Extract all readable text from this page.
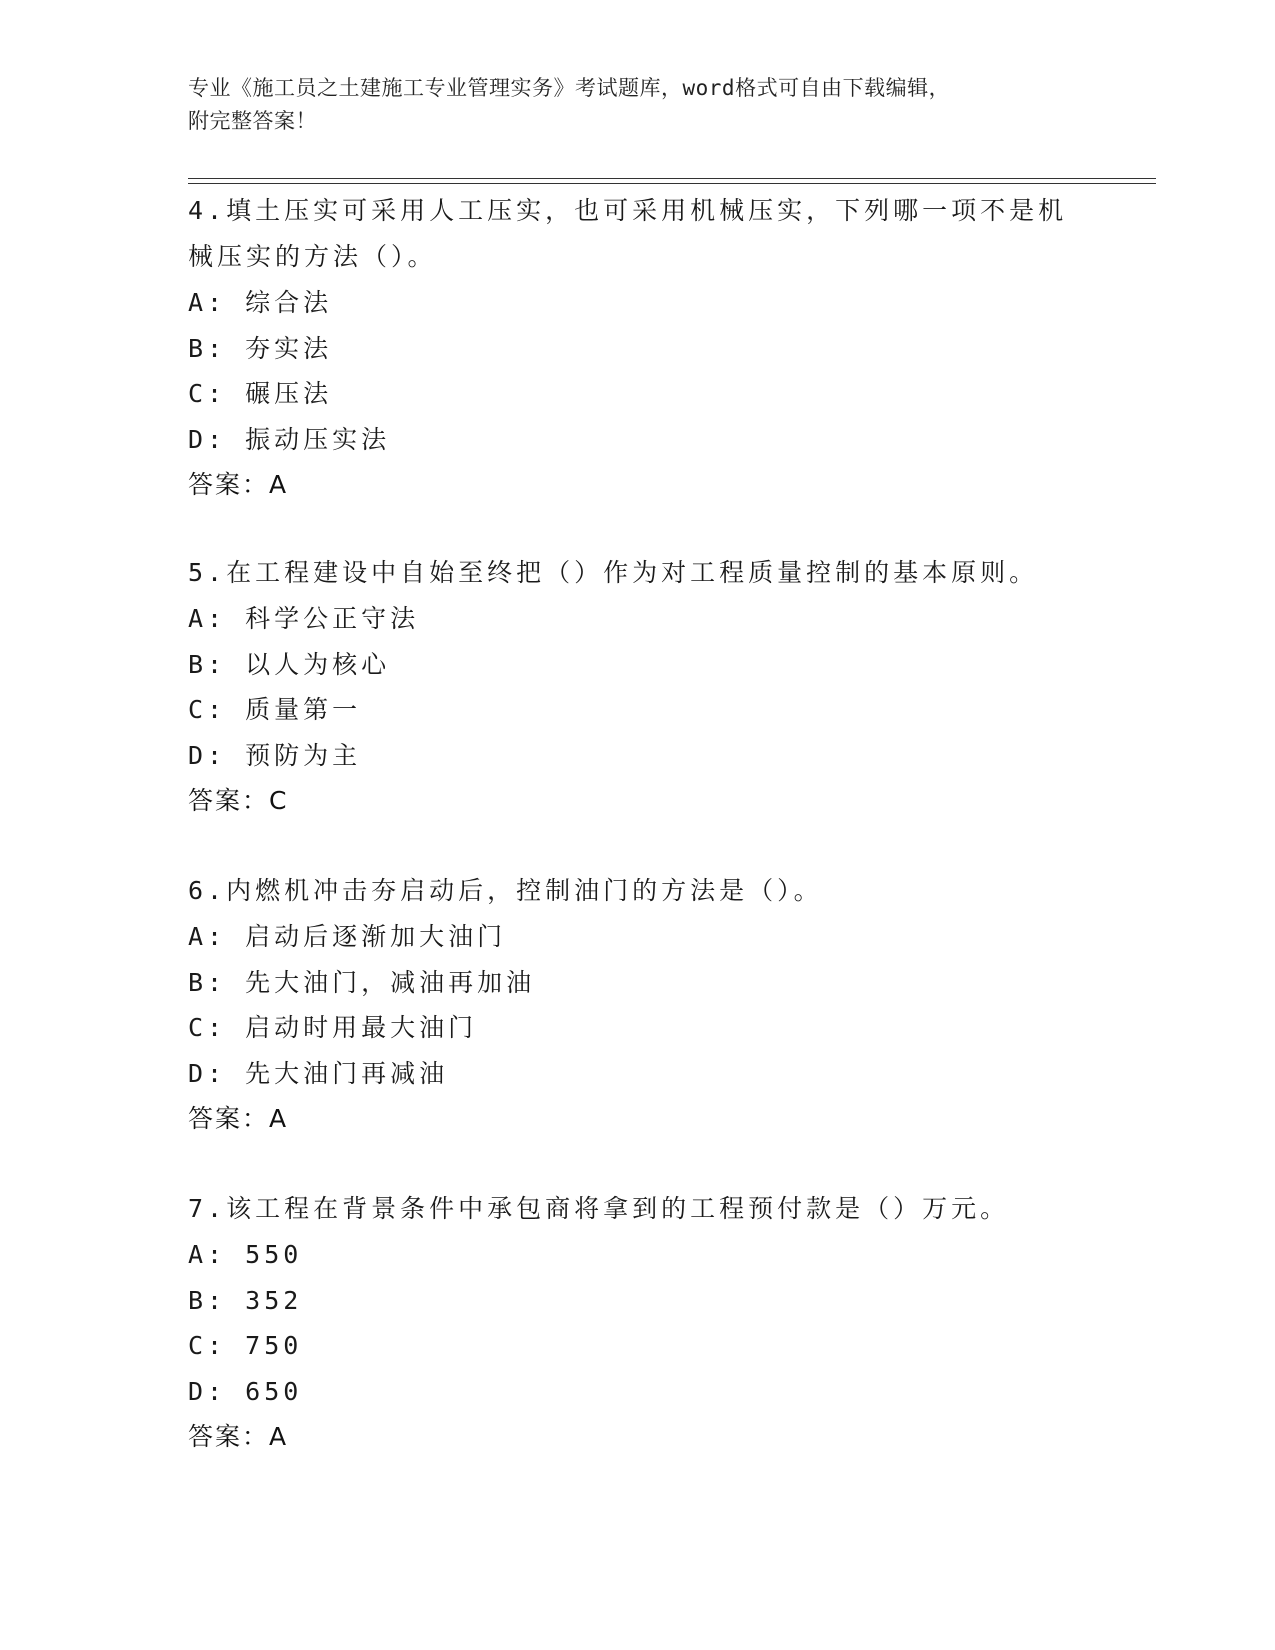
专业《施工员之土建施工专业管理实务》考试题库，word格式可自由下载编辑，
附完整答案！
4.填土压实可采用人工压实，也可采用机械压实，下列哪一项不是机
械压实的方法（）。
A: 综合法
B: 夯实法
C: 碾压法
D: 振动压实法
答案：A
5.在工程建设中自始至终把（）作为对工程质量控制的基本原则。
A: 科学公正守法
B: 以人为核心
C: 质量第一
D: 预防为主
答案：C
6.内燃机冲击夯启动后，控制油门的方法是（）。
A: 启动后逐渐加大油门
B: 先大油门，减油再加油
C: 启动时用最大油门
D: 先大油门再减油
答案：A
7.该工程在背景条件中承包商将拿到的工程预付款是（）万元。
A: 550
B: 352
C: 750
D: 650
答案：A
